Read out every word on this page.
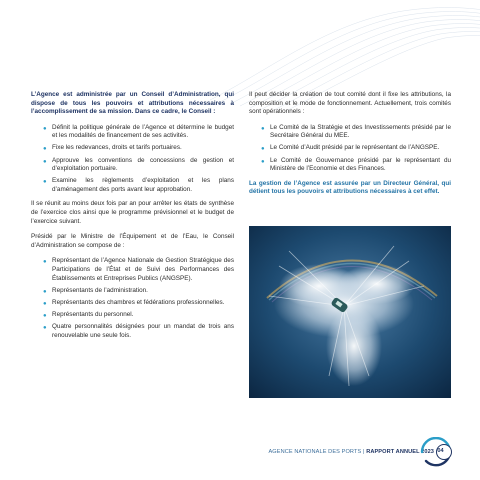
L’Agence est administrée par un Conseil d’Administration, qui dispose de tous les pouvoirs et attributions nécessaires à l’accomplissement de sa mission. Dans ce cadre, le Conseil :

● Définit la politique générale de l’Agence et détermine le budget et les modalités de financement de ses activités.
● Fixe les redevances, droits et tarifs portuaires.
● Approuve les conventions de concessions de gestion et d’exploitation portuaire.
● Examine les règlements d’exploitation et les plans d’aménagement des ports avant leur approbation.

Il se réunit au moins deux fois par an pour arrêter les états de synthèse de l’exercice clos ainsi que le programme prévisionnel et le budget de l’exercice suivant.

Présidé par le Ministre de l’Équipement et de l’Eau, le Conseil d’Administration se compose de :

● Représentant de l’Agence Nationale de Gestion Stratégique des Participations de l’État et de Suivi des Performances des Établissements et Entreprises Publics (ANGSPE).
● Représentants de l’administration.
● Représentants des chambres et fédérations professionnelles.
● Représentants du personnel.
● Quatre personnalités désignées pour un mandat de trois ans renouvelable une seule fois.

Il peut décider la création de tout comité dont il fixe les attributions, la composition et le mode de fonctionnement. Actuellement, trois comités sont opérationnels :

● Le Comité de la Stratégie et des Investissements présidé par le Secrétaire Général du MEE.
● Le Comité d’Audit présidé par le représentant de l’ANGSPE.
● Le Comité de Gouvernance présidé par le représentant du Ministère de l’Economie et des Finances.

La gestion de l’Agence est assurée par un Directeur Général, qui détient tous les pouvoirs et attributions nécessaires à cet effet.

AGENCE NATIONALE DES PORTS | RAPPORT ANNUEL 2023 04
